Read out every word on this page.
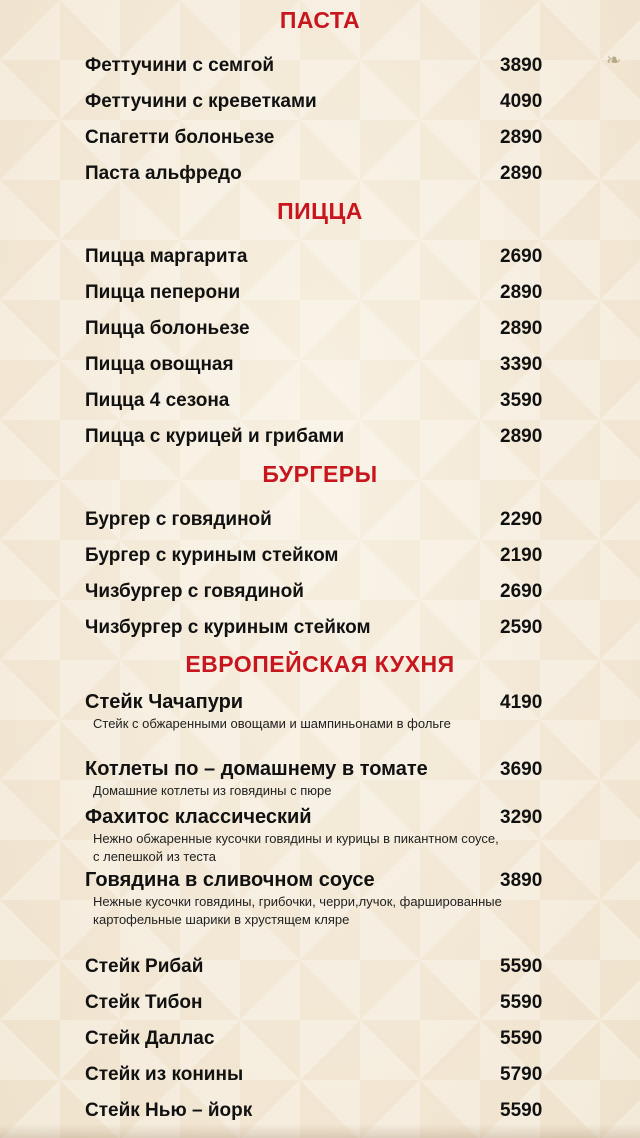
❧
ПАСТА
Феттучини с семгой	3890
Феттучини с креветками	4090
Спагетти болоньезе	2890
Паста альфредо	2890
ПИЦЦА
Пицца маргарита	2690
Пицца пеперони	2890
Пицца болоньезе	2890
Пицца овощная	3390
Пицца 4 сезона	3590
Пицца с курицей и грибами	2890
БУРГЕРЫ
Бургер с говядиной	2290
Бургер с куриным стейком	2190
Чизбургер с говядиной	2690
Чизбургер с куриным стейком	2590
ЕВРОПЕЙСКАЯ КУХНЯ
Стейк Чачапури	4190
Стейк с обжаренными овощами и шампиньонами в фольге
Котлеты по – домашнему в томате	3690
Домашние котлеты из говядины с пюре
Фахитос классический	3290
Нежно обжаренные кусочки говядины и курицы в пикантном соусе, с лепешкой из теста
Говядина в сливочном соусе	3890
Нежные кусочки говядины, грибочки, черри,лучок, фаршированные картофельные шарики в хрустящем кляре
Стейк Рибай	5590
Стейк Тибон	5590
Стейк Даллас	5590
Стейк из конины	5790
Стейк Нью – йорк	5590
